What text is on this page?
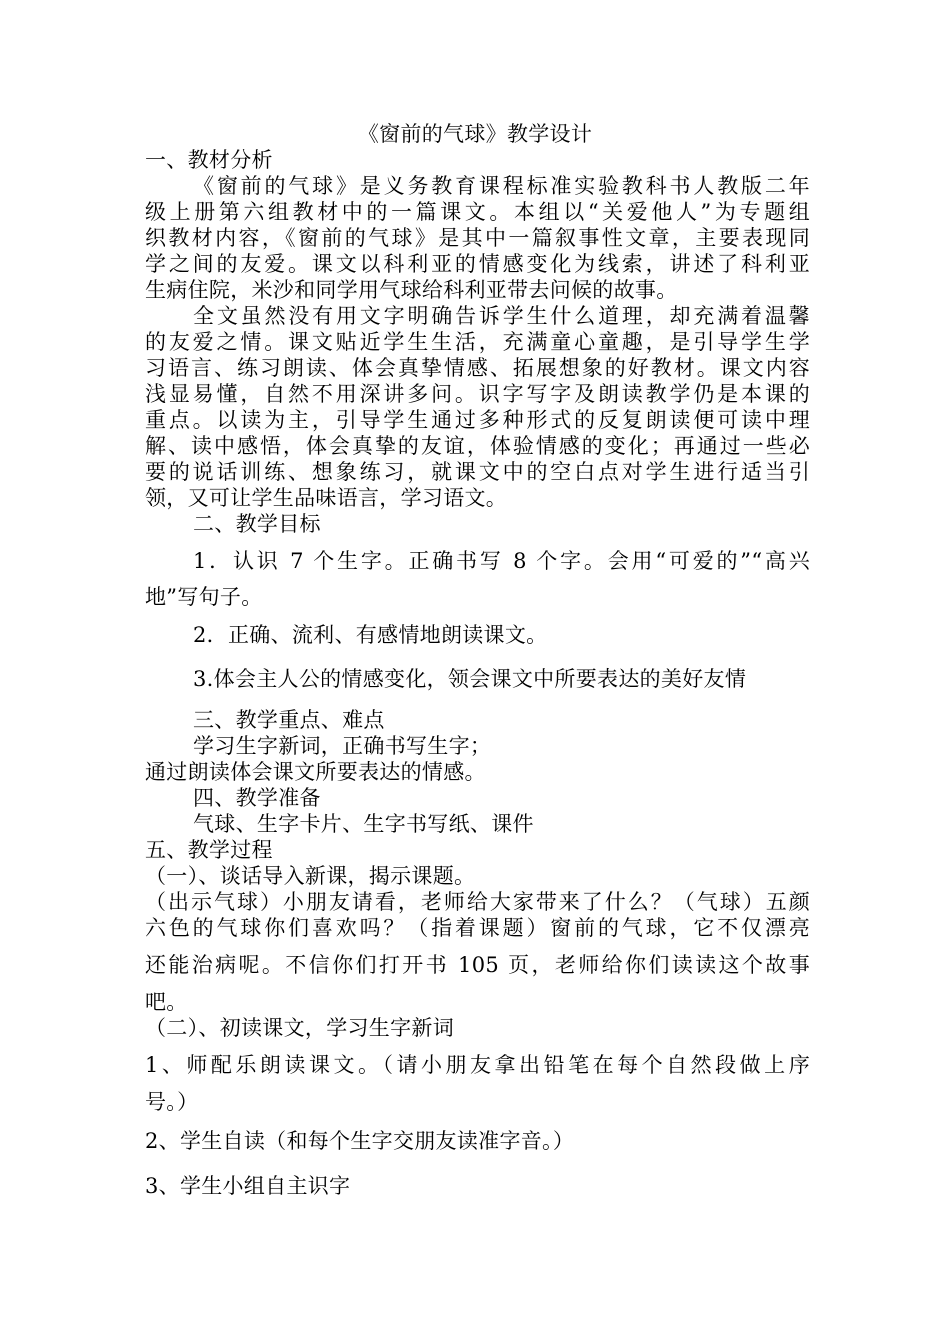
《窗前的气球》教学设计
一、教材分析
《窗前的气球》是义务教育课程标准实验教科书人教版二年
级上册第六组教材中的一篇课文。本组以“关爱他人”为专题组
织教材内容，《窗前的气球》是其中一篇叙事性文章，主要表现同
学之间的友爱。课文以科利亚的情感变化为线索，讲述了科利亚
生病住院，米沙和同学用气球给科利亚带去问候的故事。
全文虽然没有用文字明确告诉学生什么道理，却充满着温馨
的友爱之情。课文贴近学生生活，充满童心童趣，是引导学生学
习语言、练习朗读、体会真挚情感、拓展想象的好教材。课文内容
浅显易懂，自然不用深讲多问。识字写字及朗读教学仍是本课的
重点。以读为主，引导学生通过多种形式的反复朗读便可读中理
解、读中感悟，体会真挚的友谊，体验情感的变化；再通过一些必
要的说话训练、想象练习，就课文中的空白点对学生进行适当引
领，又可让学生品味语言，学习语文。
二、教学目标
1．认识 7 个生字。正确书写 8 个字。会用“可爱的”“高兴
地”写句子。
2．正确、流利、有感情地朗读课文。
3.体会主人公的情感变化，领会课文中所要表达的美好友情
三、教学重点、难点
学习生字新词，正确书写生字；
通过朗读体会课文所要表达的情感。
四、教学准备
气球、生字卡片、生字书写纸、课件
五、教学过程
（一）、谈话导入新课，揭示课题。
（出示气球）小朋友请看，老师给大家带来了什么？（气球）五颜
六色的气球你们喜欢吗？（指着课题）窗前的气球，它不仅漂亮
还能治病呢。不信你们打开书 105 页，老师给你们读读这个故事
吧。
（二）、初读课文，学习生字新词
1、师配乐朗读课文。（请小朋友拿出铅笔在每个自然段做上序
号。）
2、学生自读（和每个生字交朋友读准字音。）
3、学生小组自主识字
